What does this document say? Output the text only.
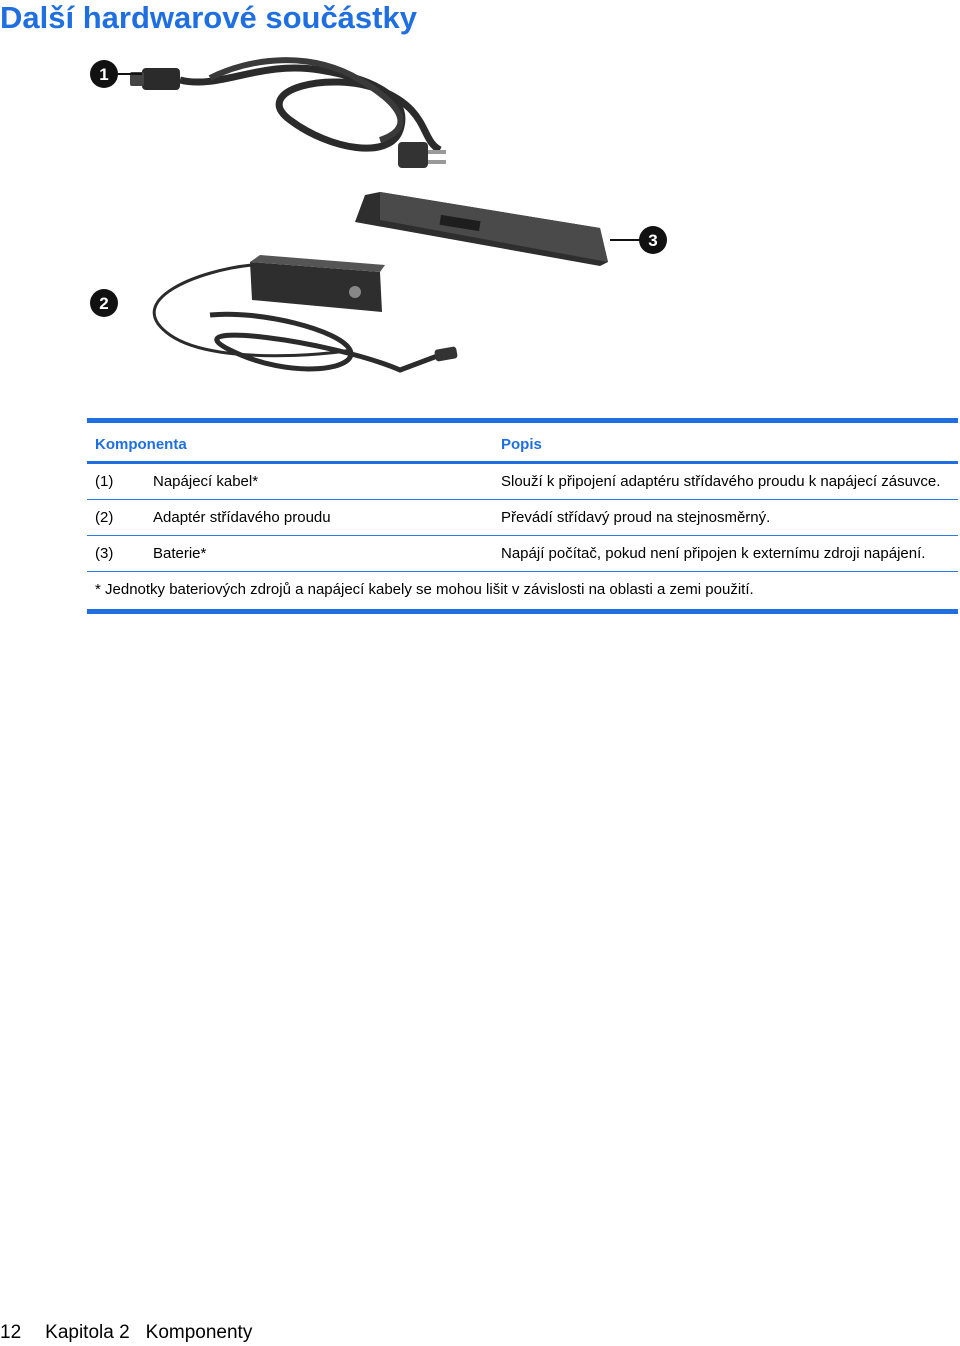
Další hardwarové součástky
1
2
3
Komponenta	Popis
(1)	Napájecí kabel*	Slouží k připojení adaptéru střídavého proudu k napájecí zásuvce.
(2)	Adaptér střídavého proudu	Převádí střídavý proud na stejnosměrný.
(3)	Baterie*	Napájí počítač, pokud není připojen k externímu zdroji napájení.
* Jednotky bateriových zdrojů a napájecí kabely se mohou lišit v závislosti na oblasti a zemi použití.
12 Kapitola 2 Komponenty
